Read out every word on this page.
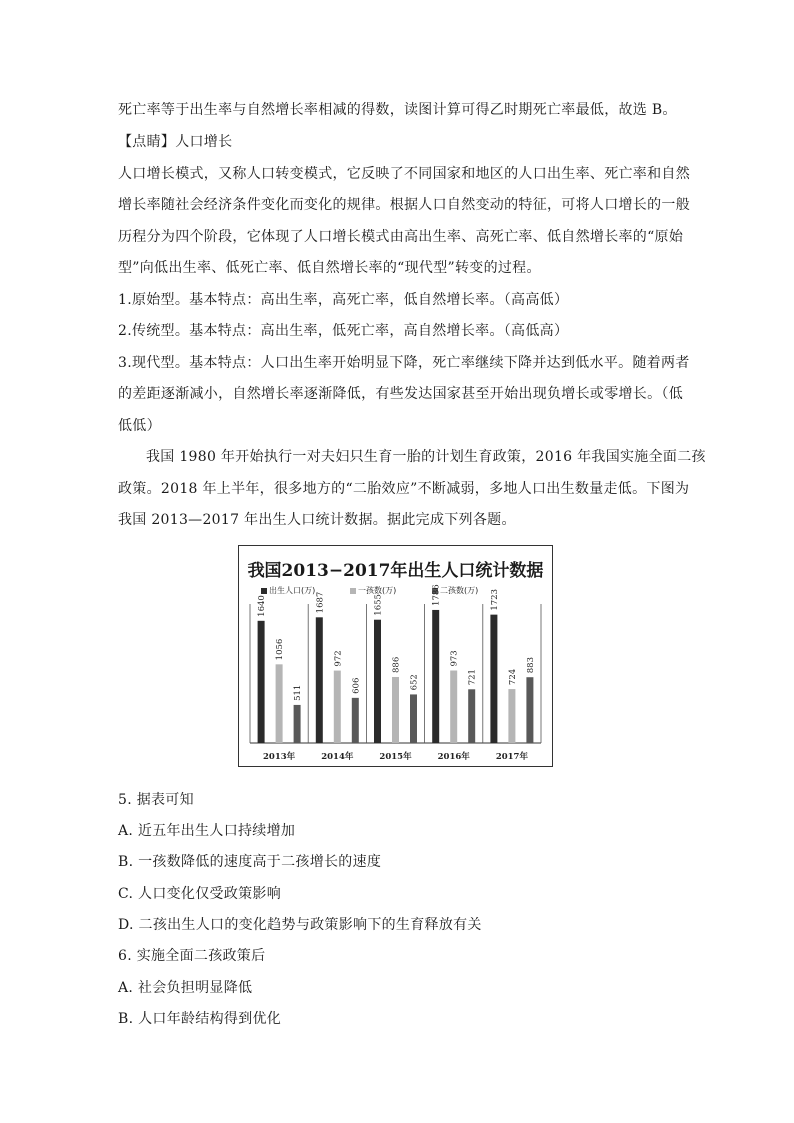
死亡率等于出生率与自然增长率相减的得数，读图计算可得乙时期死亡率最低，故选 B。
【点睛】人口增长
人口增长模式，又称人口转变模式，它反映了不同国家和地区的人口出生率、死亡率和自然
增长率随社会经济条件变化而变化的规律。根据人口自然变动的特征，可将人口增长的一般
历程分为四个阶段，它体现了人口增长模式由高出生率、高死亡率、低自然增长率的“原始
型”向低出生率、低死亡率、低自然增长率的“现代型”转变的过程。
1.原始型。基本特点：高出生率，高死亡率，低自然增长率。（高高低）
2.传统型。基本特点：高出生率，低死亡率，高自然增长率。（高低高）
3.现代型。基本特点：人口出生率开始明显下降，死亡率继续下降并达到低水平。随着两者
的差距逐渐减小，自然增长率逐渐降低，有些发达国家甚至开始出现负增长或零增长。（低
低低）
我国 1980 年开始执行一对夫妇只生育一胎的计划生育政策，2016 年我国实施全面二孩
政策。2018 年上半年，很多地方的“二胎效应”不断减弱，多地人口出生数量走低。下图为
我国 2013—2017 年出生人口统计数据。据此完成下列各题。
我国2013−2017年出生人口统计数据
出生人口(万)	一孩数(万)	二孩数(万)
1640
1056
511
2013年
1687
972
606
2014年
1655
886
652
2015年
1786
973
721
2016年
1723
724
883
2017年
5. 据表可知
A. 近五年出生人口持续增加
B. 一孩数降低的速度高于二孩增长的速度
C. 人口变化仅受政策影响
D. 二孩出生人口的变化趋势与政策影响下的生育释放有关
6. 实施全面二孩政策后
A. 社会负担明显降低
B. 人口年龄结构得到优化
